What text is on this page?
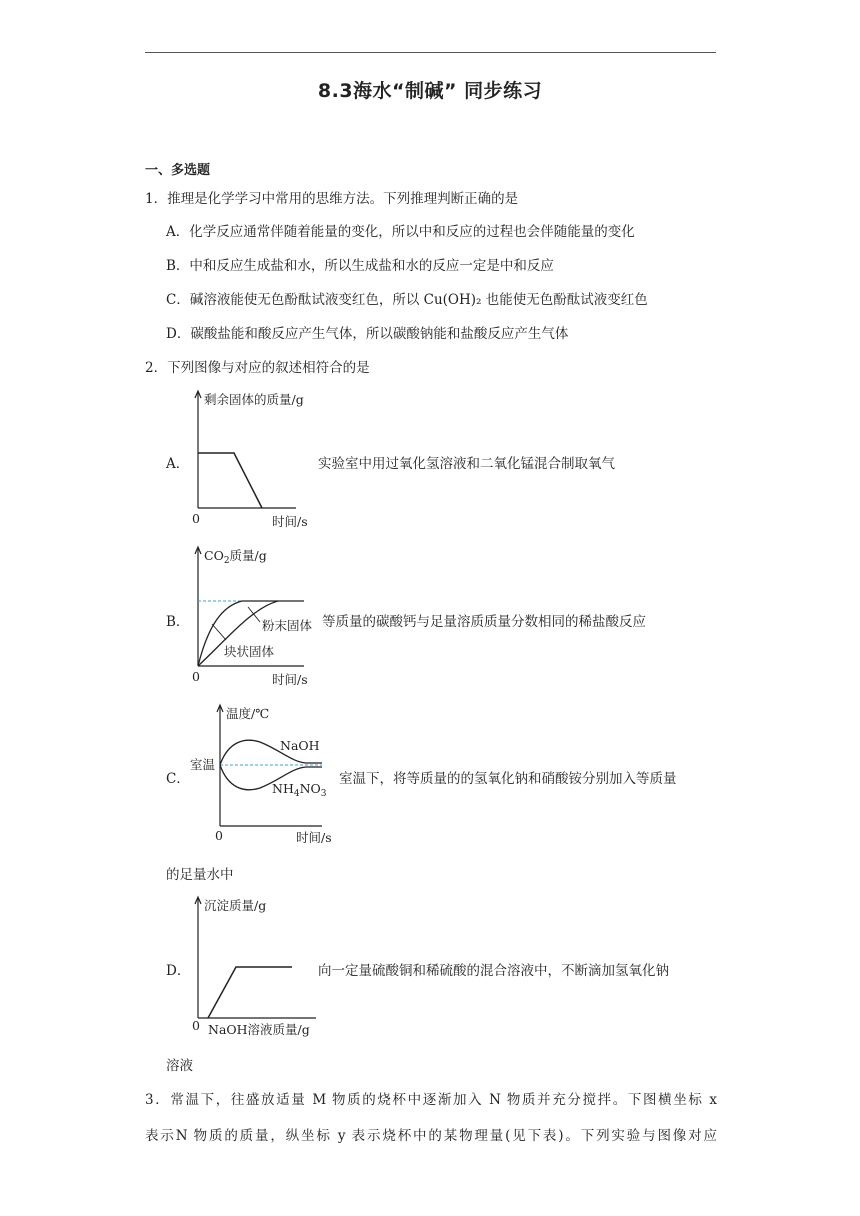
8.3海水“制碱” 同步练习
一、多选题
1．推理是化学学习中常用的思维方法。下列推理判断正确的是
A．化学反应通常伴随着能量的变化，所以中和反应的过程也会伴随能量的变化
B．中和反应生成盐和水，所以生成盐和水的反应一定是中和反应
C．碱溶液能使无色酚酞试液变红色，所以 Cu(OH)₂ 也能使无色酚酞试液变红色
D．碳酸盐能和酸反应产生气体，所以碳酸钠能和盐酸反应产生气体
2．下列图像与对应的叙述相符合的是
A．
剩余固体的质量/g
0	时间/s
实验室中用过氧化氢溶液和二氧化锰混合制取氧气
B．
$CO_2$质量/g
粉末固体
块状固体
0	时间/s
等质量的碳酸钙与足量溶质质量分数相同的稀盐酸反应
C．
温度/℃
室温
NaOH
$NH_4NO_3$
0	时间/s
室温下，将等质量的的氢氧化钠和硝酸铵分别加入等质量
的足量水中
D．
沉淀质量/g
0 NaOH溶液质量/g
向一定量硫酸铜和稀硫酸的混合溶液中，不断滴加氢氧化钠
溶液
3．常温下，往盛放适量 M 物质的烧杯中逐渐加入 N 物质并充分搅拌。下图横坐标 x
表示N 物质的质量，纵坐标 y 表示烧杯中的某物理量(见下表)。下列实验与图像对应
